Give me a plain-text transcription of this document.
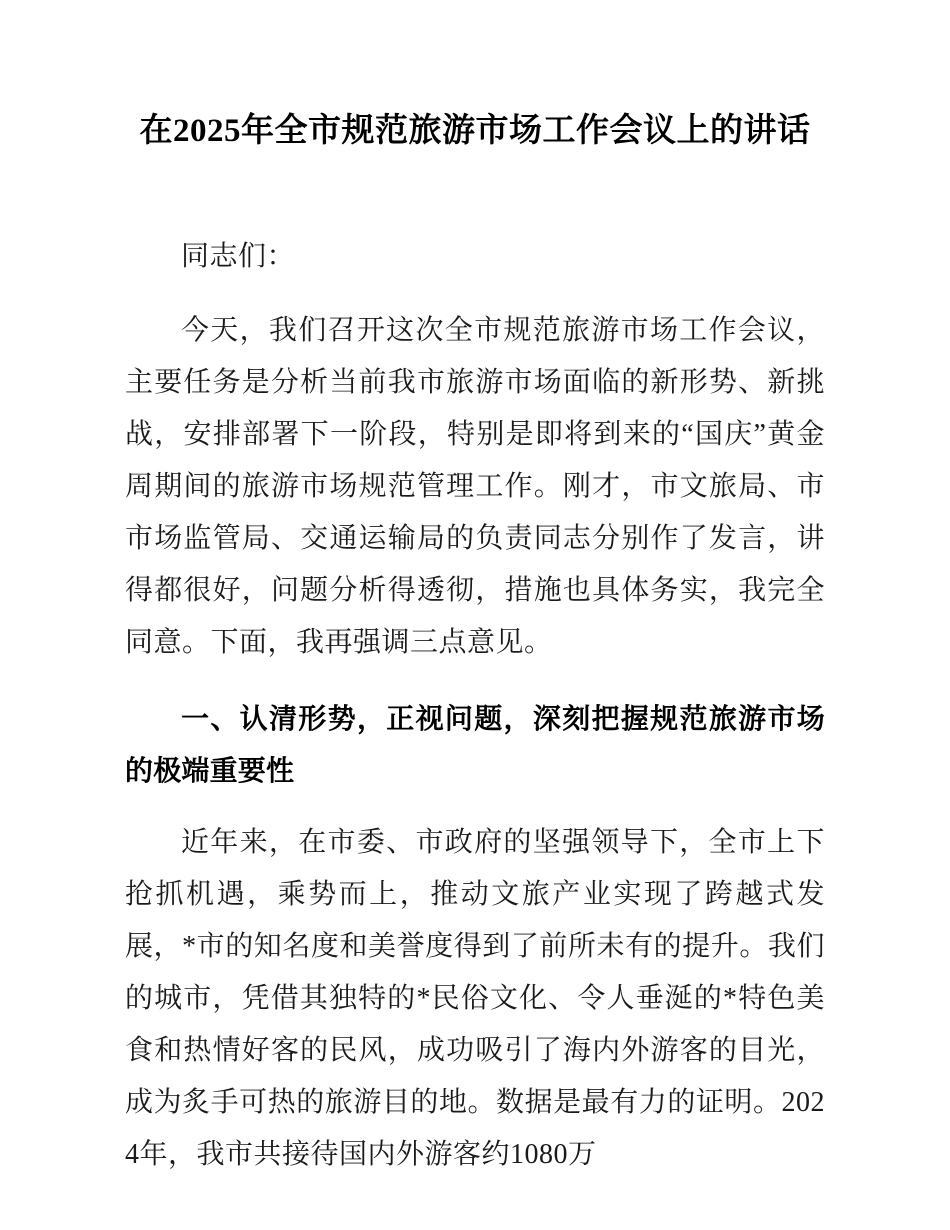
在2025年全市规范旅游市场工作会议上的讲话

同志们：

今天，我们召开这次全市规范旅游市场工作会议，主要任务是分析当前我市旅游市场面临的新形势、新挑战，安排部署下一阶段，特别是即将到来的“国庆”黄金周期间的旅游市场规范管理工作。刚才，市文旅局、市市场监管局、交通运输局的负责同志分别作了发言，讲得都很好，问题分析得透彻，措施也具体务实，我完全同意。下面，我再强调三点意见。

一、认清形势，正视问题，深刻把握规范旅游市场的极端重要性

近年来，在市委、市政府的坚强领导下，全市上下抢抓机遇，乘势而上，推动文旅产业实现了跨越式发展，*市的知名度和美誉度得到了前所未有的提升。我们的城市，凭借其独特的*民俗文化、令人垂涎的*特色美食和热情好客的民风，成功吸引了海内外游客的目光，成为炙手可热的旅游目的地。数据是最有力的证明。2024年，我市共接待国内外游客约1080万
